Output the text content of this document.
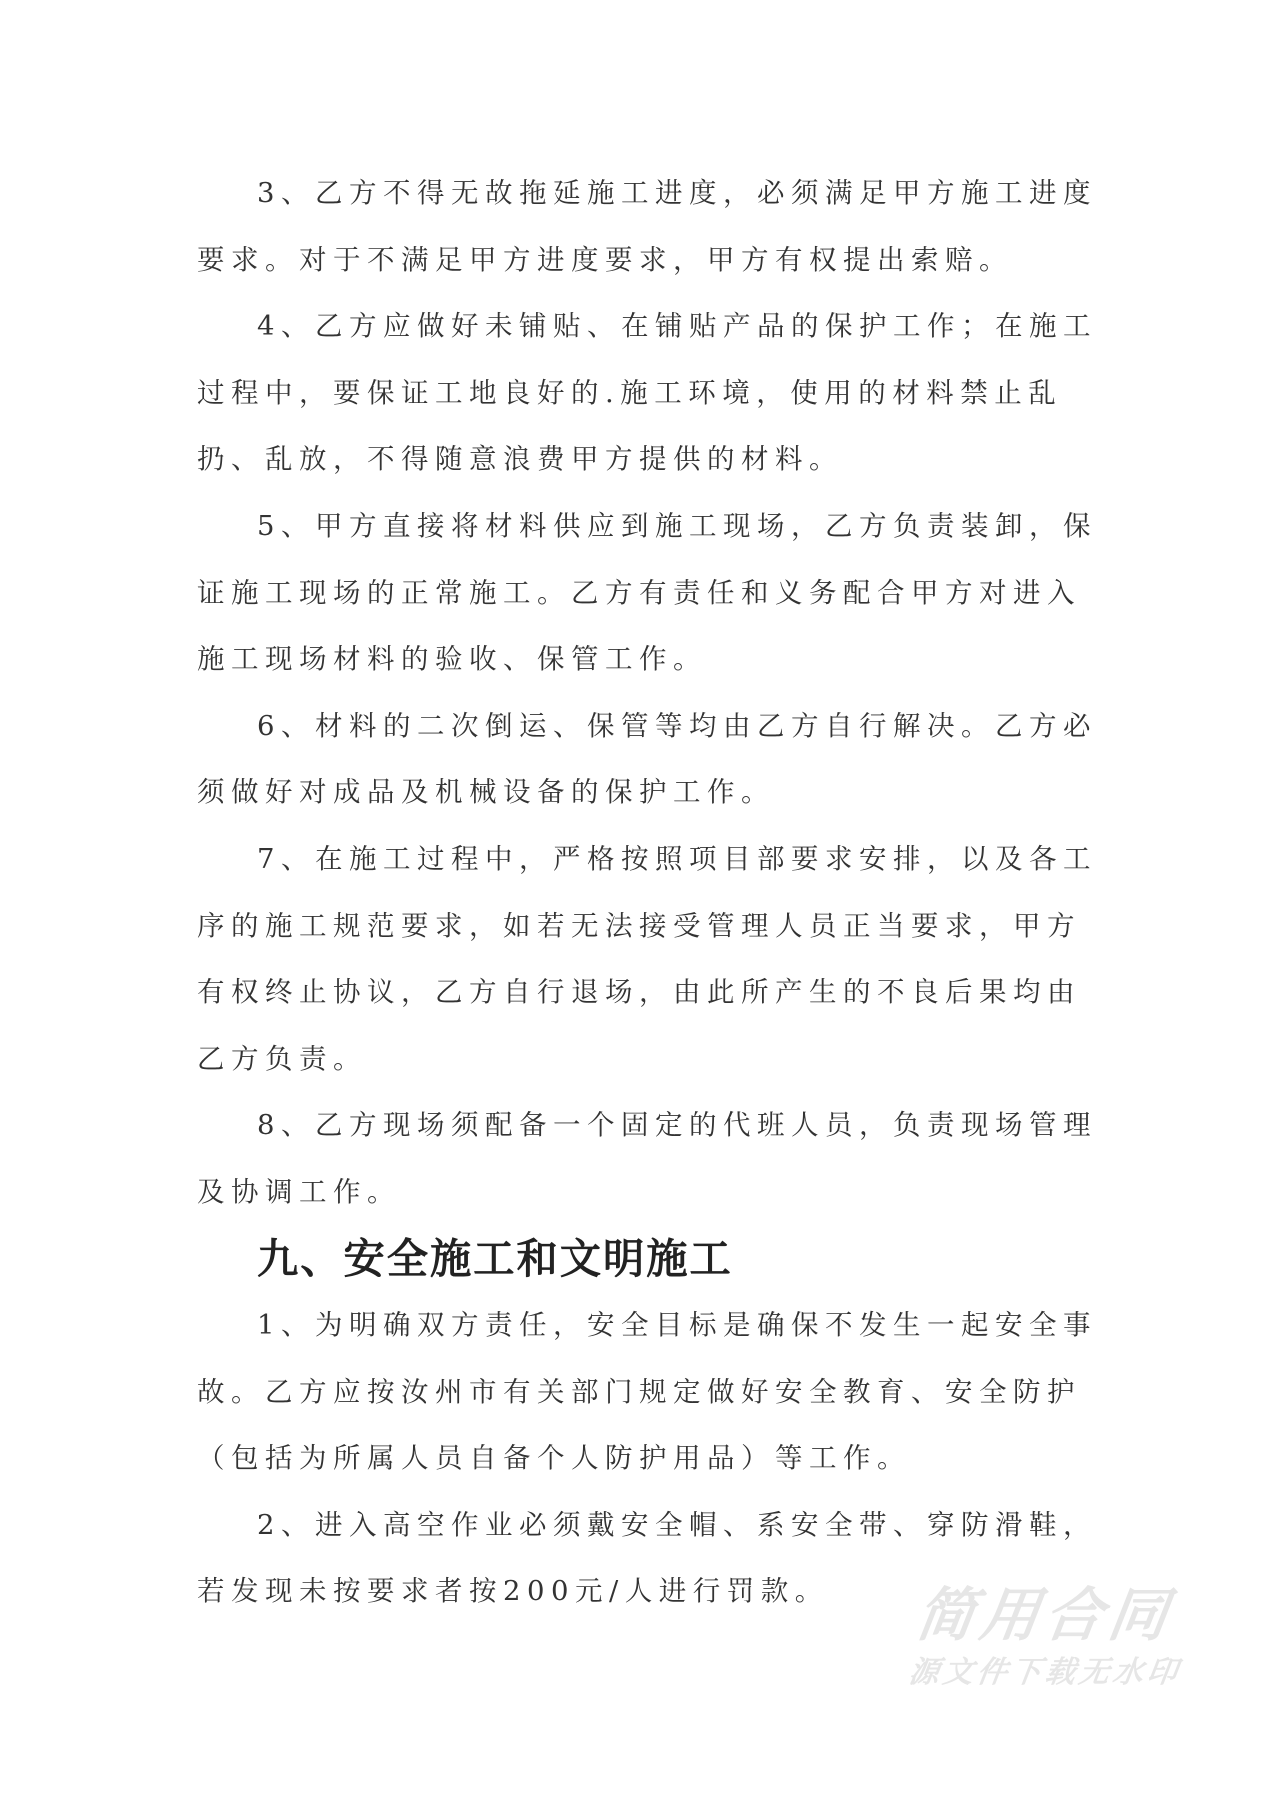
3、乙方不得无故拖延施工进度，必须满足甲方施工进度要求。对于不满足甲方进度要求，甲方有权提出索赔。

4、乙方应做好未铺贴、在铺贴产品的保护工作；在施工过程中，要保证工地良好的.施工环境，使用的材料禁止乱扔、乱放，不得随意浪费甲方提供的材料。

5、甲方直接将材料供应到施工现场，乙方负责装卸，保证施工现场的正常施工。乙方有责任和义务配合甲方对进入施工现场材料的验收、保管工作。

6、材料的二次倒运、保管等均由乙方自行解决。乙方必须做好对成品及机械设备的保护工作。

7、在施工过程中，严格按照项目部要求安排，以及各工序的施工规范要求，如若无法接受管理人员正当要求，甲方有权终止协议，乙方自行退场，由此所产生的不良后果均由乙方负责。

8、乙方现场须配备一个固定的代班人员，负责现场管理及协调工作。

九、安全施工和文明施工

1、为明确双方责任，安全目标是确保不发生一起安全事故。乙方应按汝州市有关部门规定做好安全教育、安全防护（包括为所属人员自备个人防护用品）等工作。

2、进入高空作业必须戴安全帽、系安全带、穿防滑鞋，若发现未按要求者按200元/人进行罚款。	简用合同
源文件下载无水印
